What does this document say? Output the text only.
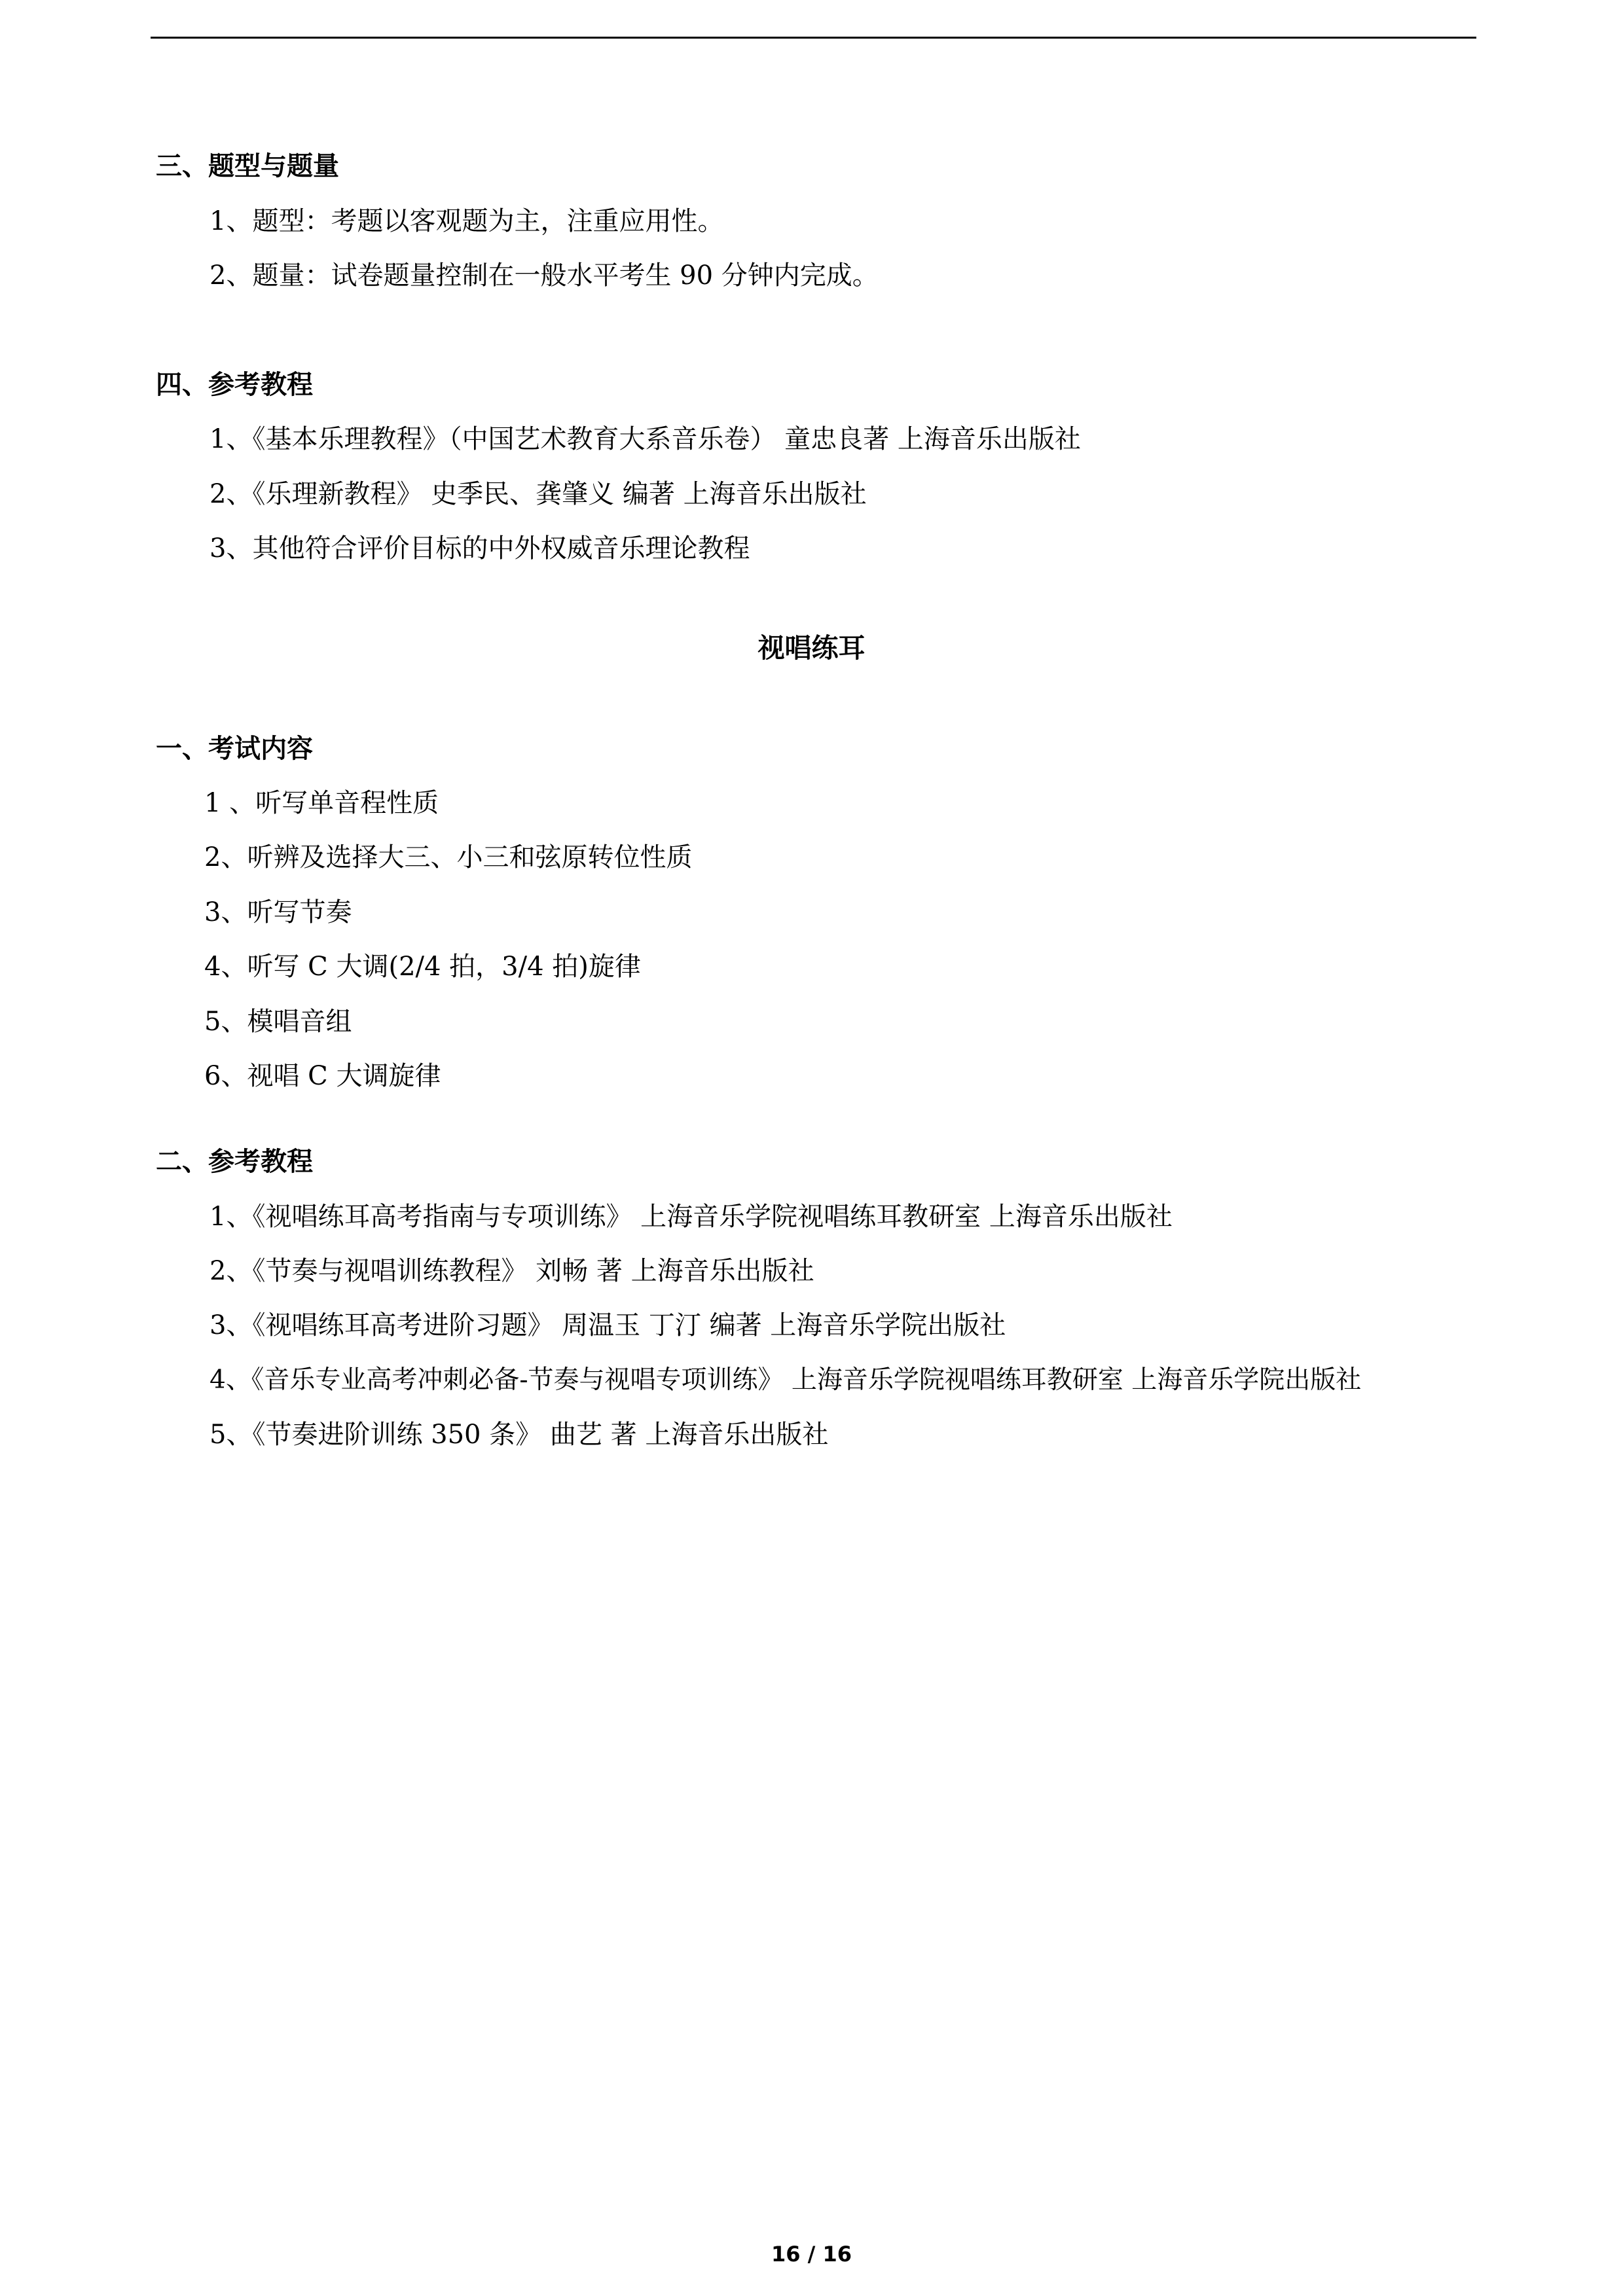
三、题型与题量
1、题型：考题以客观题为主，注重应用性。
2、题量：试卷题量控制在一般水平考生 90 分钟内完成。
四、参考教程
1、《基本乐理教程》（中国艺术教育大系音乐卷） 童忠良著 上海音乐出版社
2、《乐理新教程》 史季民、龚肇义 编著 上海音乐出版社
3、其他符合评价目标的中外权威音乐理论教程
视唱练耳
一、考试内容
1 、听写单音程性质
2、听辨及选择大三、小三和弦原转位性质
3、听写节奏
4、听写 C 大调(2/4 拍，3/4 拍)旋律
5、模唱音组
6、视唱 C 大调旋律
二、参考教程
1、《视唱练耳高考指南与专项训练》 上海音乐学院视唱练耳教研室 上海音乐出版社
2、《节奏与视唱训练教程》 刘畅 著 上海音乐出版社
3、《视唱练耳高考进阶习题》 周温玉 丁汀 编著 上海音乐学院出版社
4、《音乐专业高考冲刺必备-节奏与视唱专项训练》 上海音乐学院视唱练耳教研室 上海音乐学院出版社
5、《节奏进阶训练 350 条》 曲艺 著 上海音乐出版社
16 / 16
